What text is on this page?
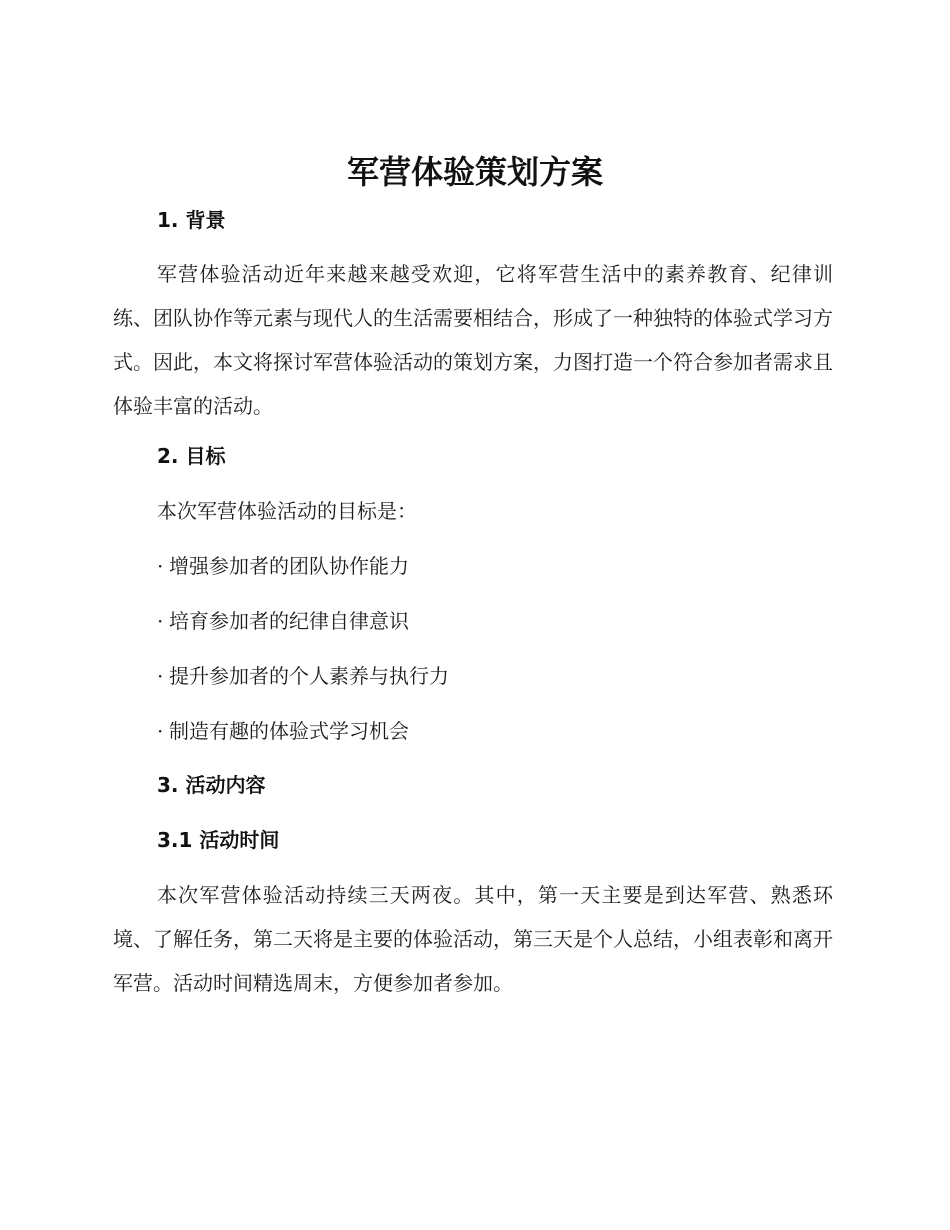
军营体验策划方案
1. 背景

军营体验活动近年来越来越受欢迎，它将军营生活中的素养教育、纪律训练、团队协作等元素与现代人的生活需要相结合，形成了一种独特的体验式学习方式。因此，本文将探讨军营体验活动的策划方案，力图打造一个符合参加者需求且体验丰富的活动。

2. 目标

本次军营体验活动的目标是：

· 增强参加者的团队协作能力

· 培育参加者的纪律自律意识

· 提升参加者的个人素养与执行力

· 制造有趣的体验式学习机会

3. 活动内容
3.1 活动时间

本次军营体验活动持续三天两夜。其中，第一天主要是到达军营、熟悉环境、了解任务，第二天将是主要的体验活动，第三天是个人总结，小组表彰和离开军营。活动时间精选周末，方便参加者参加。
